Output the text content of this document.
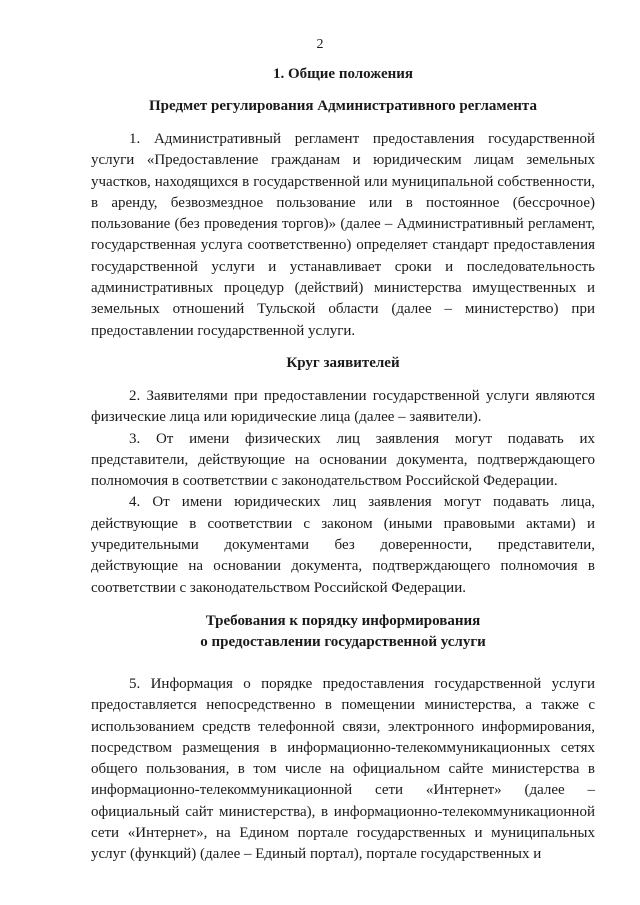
2
1. Общие положения
Предмет регулирования Административного регламента

1. Административный регламент предоставления государственной услуги «Предоставление гражданам и юридическим лицам земельных участков, находящихся в государственной или муниципальной собственности, в аренду, безвозмездное пользование или в постоянное (бессрочное) пользование (без проведения торгов)» (далее – Административный регламент, государственная услуга соответственно) определяет стандарт предоставления государственной услуги и устанавливает сроки и последовательность административных процедур (действий) министерства имущественных и земельных отношений Тульской области (далее – министерство) при предоставлении государственной услуги.

Круг заявителей

2. Заявителями при предоставлении государственной услуги являются физические лица или юридические лица (далее – заявители).

3. От имени физических лиц заявления могут подавать их представители, действующие на основании документа, подтверждающего полномочия в соответствии с законодательством Российской Федерации.

4. От имени юридических лиц заявления могут подавать лица, действующие в соответствии с законом (иными правовыми актами) и учредительными документами без доверенности, представители, действующие на основании документа, подтверждающего полномочия в соответствии с законодательством Российской Федерации.

Требования к порядку информирования
о предоставлении государственной услуги

5. Информация о порядке предоставления государственной услуги предоставляется непосредственно в помещении министерства, а также с использованием средств телефонной связи, электронного информирования, посредством размещения в информационно-телекоммуникационных сетях общего пользования, в том числе на официальном сайте министерства в информационно-телекоммуникационной сети «Интернет» (далее – официальный сайт министерства), в информационно-телекоммуникационной сети «Интернет», на Едином портале государственных и муниципальных услуг (функций) (далее – Единый портал), портале государственных и
